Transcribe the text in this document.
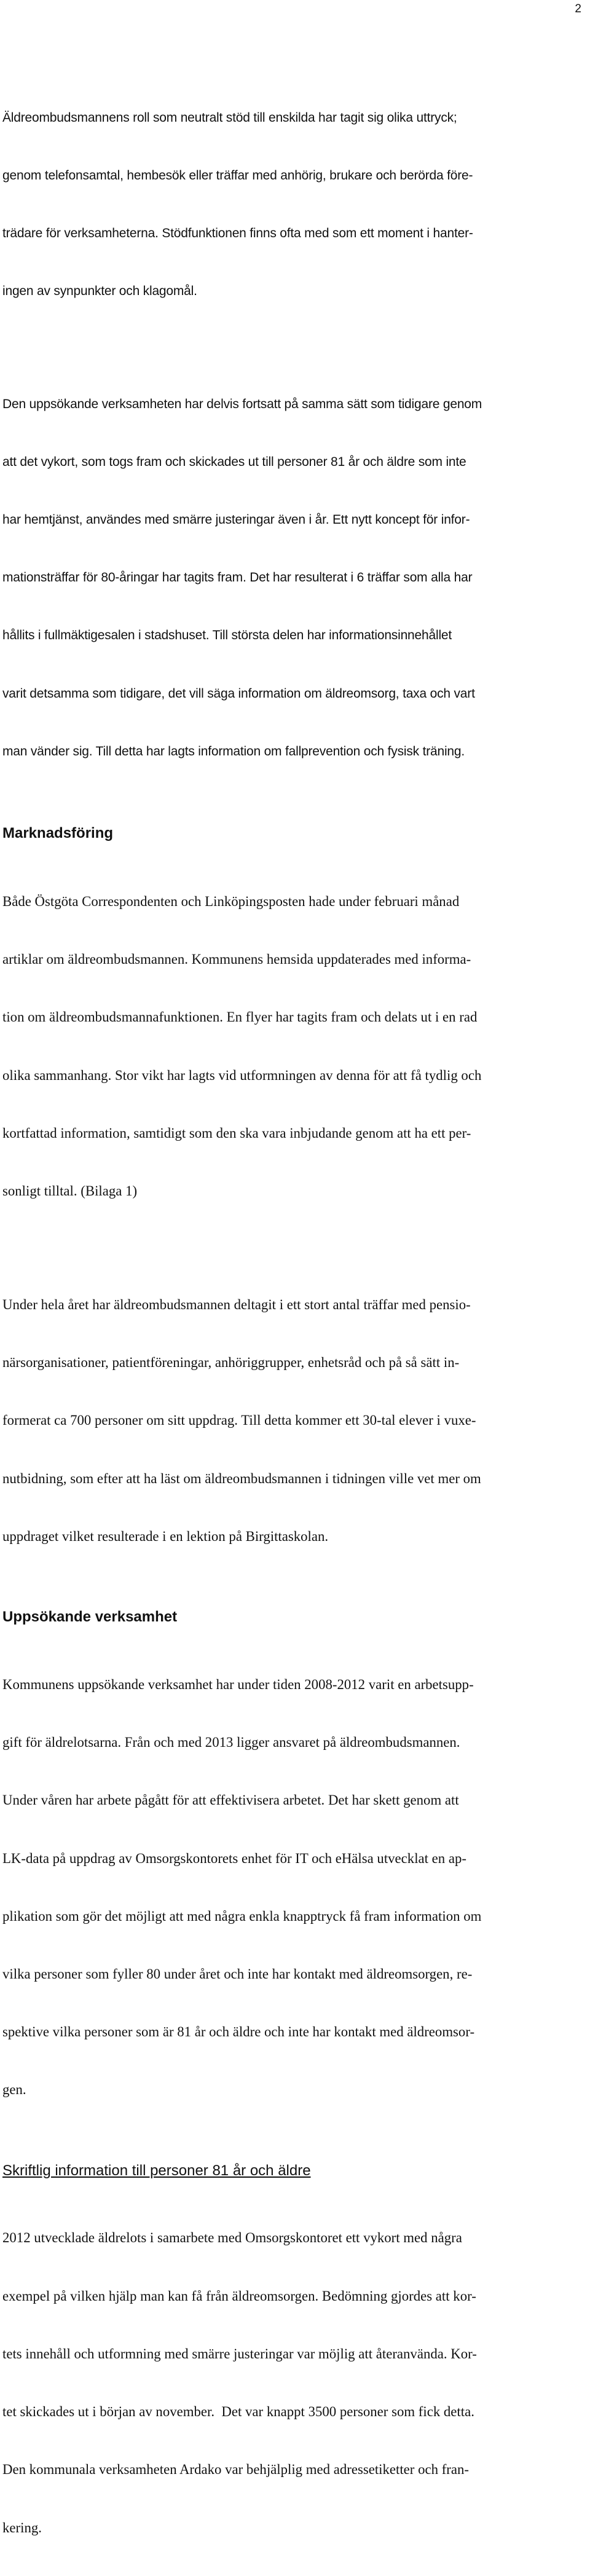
2

Äldreombudsmannens roll som neutralt stöd till enskilda har tagit sig olika uttryck;

genom telefonsamtal, hembesök eller träffar med anhörig, brukare och berörda före-

trädare för verksamheterna. Stödfunktionen finns ofta med som ett moment i hanter-

ingen av synpunkter och klagomål.

Den uppsökande verksamheten har delvis fortsatt på samma sätt som tidigare genom

att det vykort, som togs fram och skickades ut till personer 81 år och äldre som inte

har hemtjänst, användes med smärre justeringar även i år. Ett nytt koncept för infor-

mationsträffar för 80-åringar har tagits fram. Det har resulterat i 6 träffar som alla har

hållits i fullmäktigesalen i stadshuset. Till största delen har informationsinnehållet

varit detsamma som tidigare, det vill säga information om äldreomsorg, taxa och vart

man vänder sig. Till detta har lagts information om fallprevention och fysisk träning.

Marknadsföring

Både Östgöta Correspondenten och Linköpingsposten hade under februari månad

artiklar om äldreombudsmannen. Kommunens hemsida uppdaterades med informa-

tion om äldreombudsmannafunktionen. En flyer har tagits fram och delats ut i en rad

olika sammanhang. Stor vikt har lagts vid utformningen av denna för att få tydlig och

kortfattad information, samtidigt som den ska vara inbjudande genom att ha ett per-

sonligt tilltal. (Bilaga 1)

Under hela året har äldreombudsmannen deltagit i ett stort antal träffar med pensio-

närsorganisationer, patientföreningar, anhöriggrupper, enhetsråd och på så sätt in-

formerat ca 700 personer om sitt uppdrag. Till detta kommer ett 30-tal elever i vuxe-

nutbidning, som efter att ha läst om äldreombudsmannen i tidningen ville vet mer om

uppdraget vilket resulterade i en lektion på Birgittaskolan.

Uppsökande verksamhet

Kommunens uppsökande verksamhet har under tiden 2008-2012 varit en arbetsupp-

gift för äldrelotsarna. Från och med 2013 ligger ansvaret på äldreombudsmannen.

Under våren har arbete pågått för att effektivisera arbetet. Det har skett genom att

LK-data på uppdrag av Omsorgskontorets enhet för IT och eHälsa utvecklat en ap-

plikation som gör det möjligt att med några enkla knapptryck få fram information om

vilka personer som fyller 80 under året och inte har kontakt med äldreomsorgen, re-

spektive vilka personer som är 81 år och äldre och inte har kontakt med äldreomsor-

gen.

Skriftlig information till personer 81 år och äldre

2012 utvecklade äldrelots i samarbete med Omsorgskontoret ett vykort med några

exempel på vilken hjälp man kan få från äldreomsorgen. Bedömning gjordes att kor-

tets innehåll och utformning med smärre justeringar var möjlig att återanvända. Kor-

tet skickades ut i början av november.  Det var knappt 3500 personer som fick detta.

Den kommunala verksamheten Ardako var behjälplig med adressetiketter och fran-

kering.
